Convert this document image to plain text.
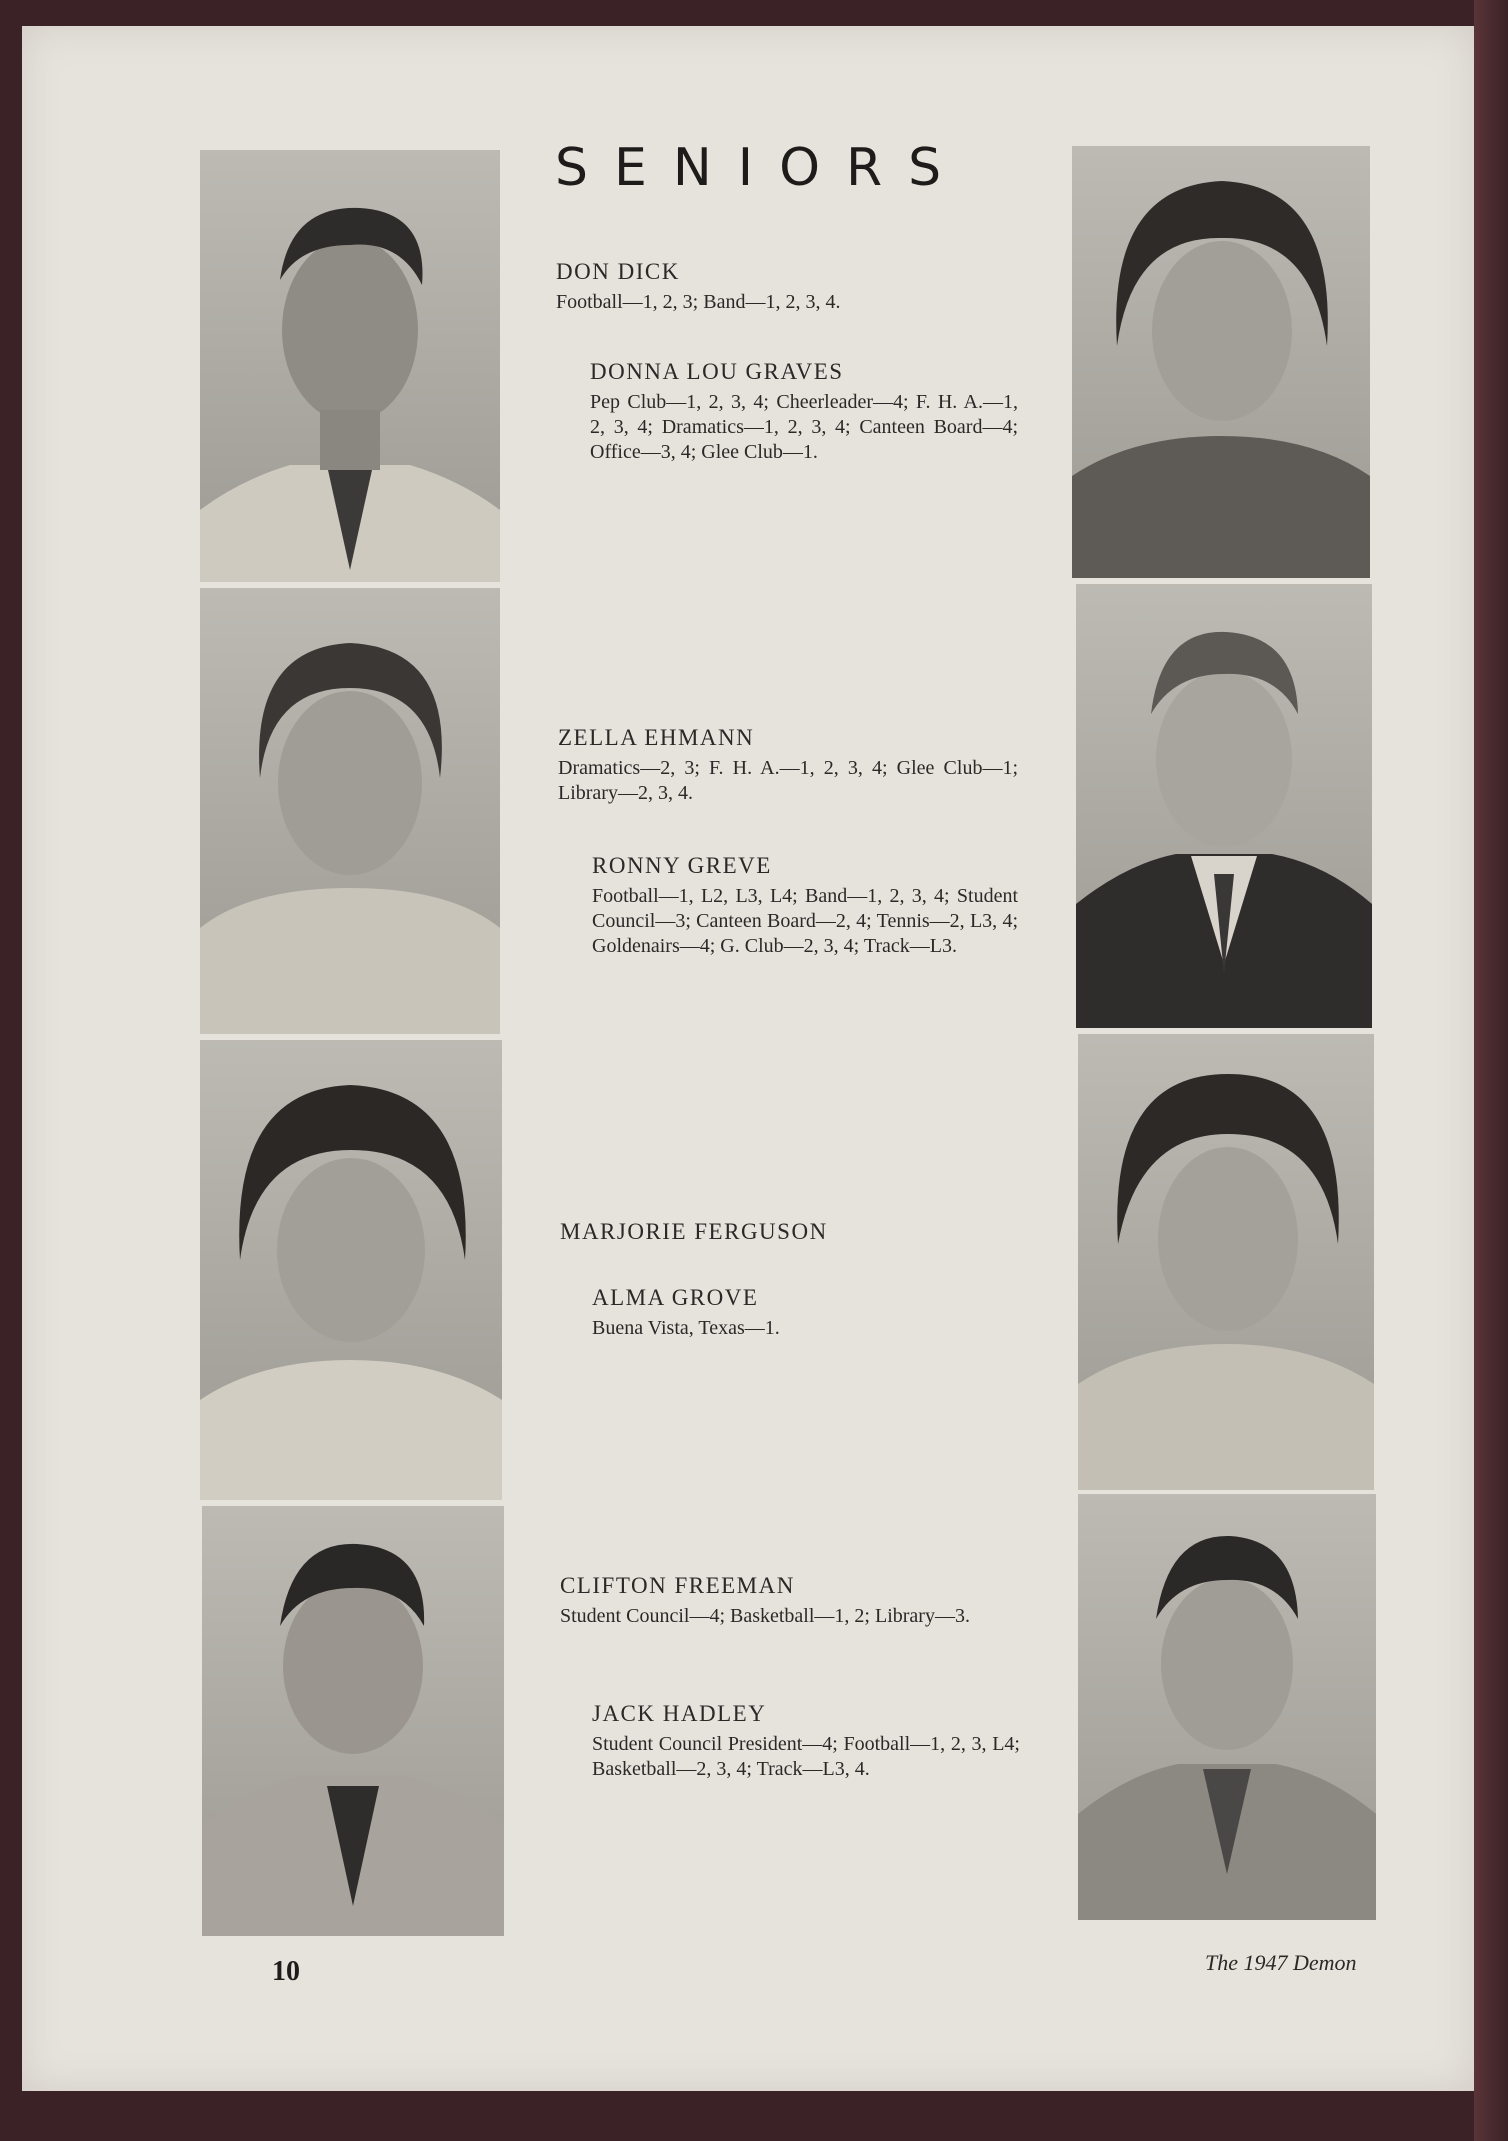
SENIORS
DON DICK
Football—1, 2, 3; Band—1, 2, 3, 4.
DONNA LOU GRAVES
Pep Club—1, 2, 3, 4; Cheerleader—4; F. H. A.—1, 2, 3, 4; Dramatics—1, 2, 3, 4; Canteen Board—4; Office—3, 4; Glee Club—1.
ZELLA EHMANN
Dramatics—2, 3; F. H. A.—1, 2, 3, 4; Glee Club—1; Library—2, 3, 4.
RONNY GREVE
Football—1, L2, L3, L4; Band—1, 2, 3, 4; Student Council—3; Canteen Board—2, 4; Tennis—2, L3, 4; Goldenairs—4; G. Club—2, 3, 4; Track—L3.
MARJORIE FERGUSON
ALMA GROVE
Buena Vista, Texas—1.
CLIFTON FREEMAN
Student Council—4; Basketball—1, 2; Library—3.
JACK HADLEY
Student Council President—4; Football—1, 2, 3, L4; Basketball—2, 3, 4; Track—L3, 4.
10	The 1947 Demon
